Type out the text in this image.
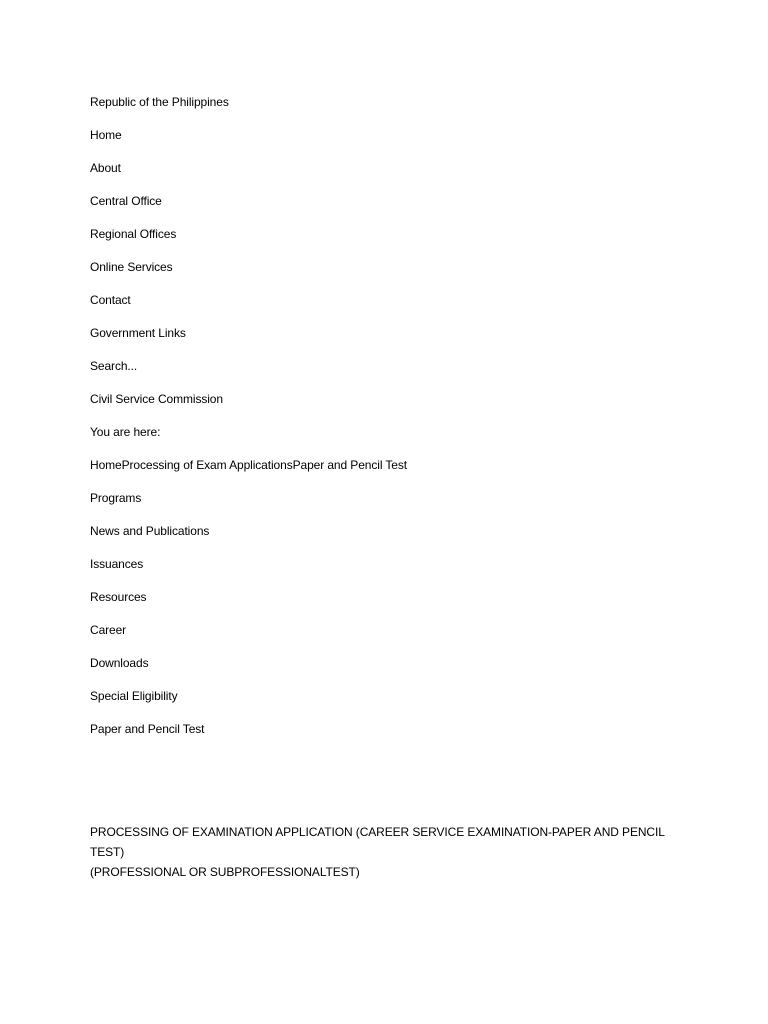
Republic of the Philippines
Home
About
Central Office
Regional Offices
Online Services
Contact
Government Links
Search...
Civil Service Commission
You are here:
HomeProcessing of Exam ApplicationsPaper and Pencil Test
Programs
News and Publications
Issuances
Resources
Career
Downloads
Special Eligibility
Paper and Pencil Test
PROCESSING OF EXAMINATION APPLICATION (CAREER SERVICE EXAMINATION-PAPER AND PENCIL TEST)
(PROFESSIONAL OR SUBPROFESSIONALTEST)
